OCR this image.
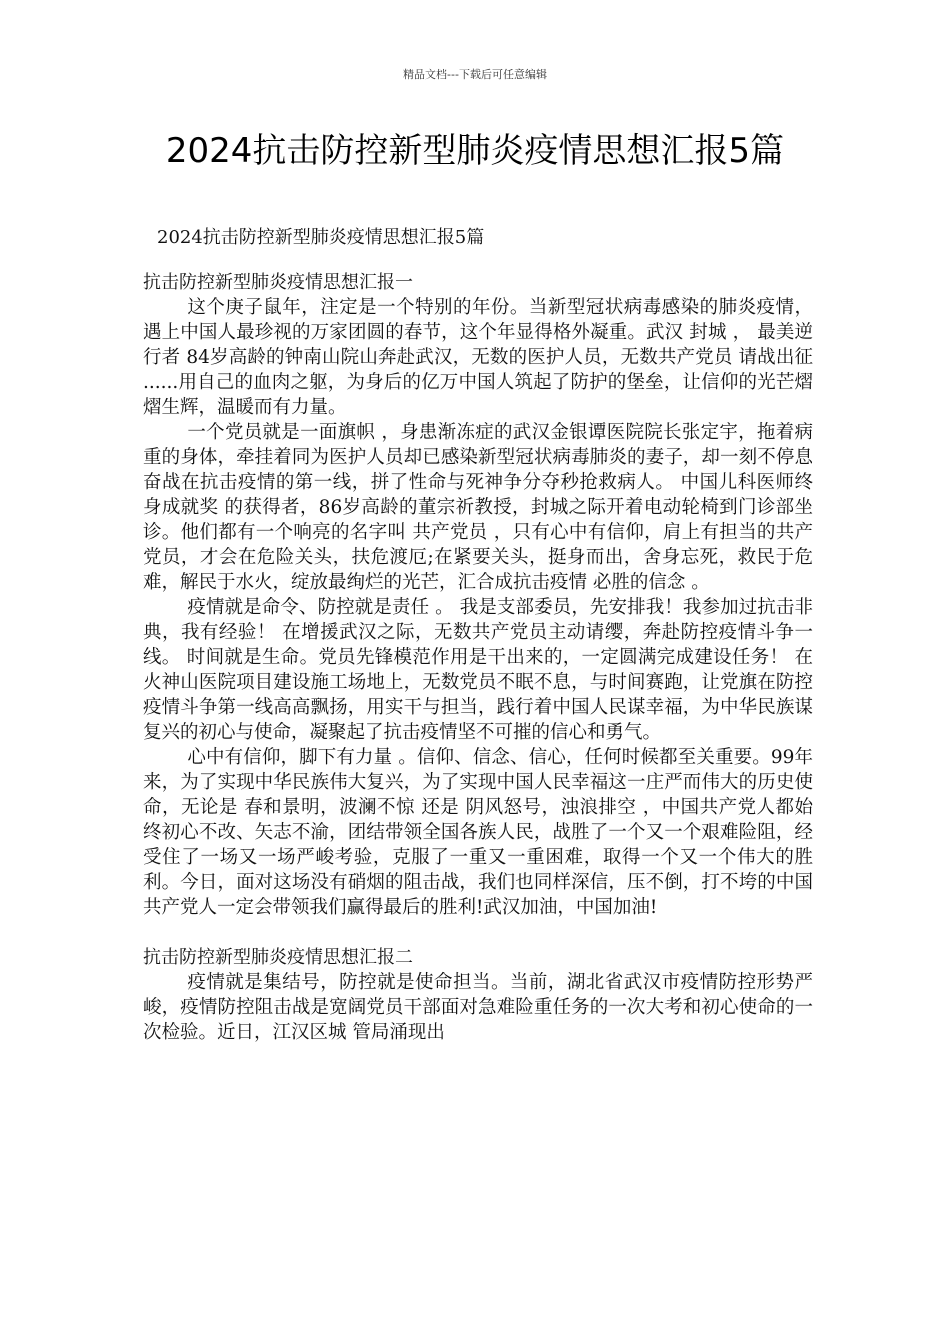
精品文档---下载后可任意编辑
2024抗击防控新型肺炎疫情思想汇报5篇
2024抗击防控新型肺炎疫情思想汇报5篇

抗击防控新型肺炎疫情思想汇报一

这个庚子鼠年，注定是一个特别的年份。当新型冠状病毒感染的肺炎疫情，遇上中国人最珍视的万家团圆的春节，这个年显得格外凝重。武汉 封城 ， 最美逆行者 84岁高龄的钟南山院山奔赴武汉，无数的医护人员，无数共产党员 请战出征 ......用自己的血肉之躯，为身后的亿万中国人筑起了防护的堡垒，让信仰的光芒熠熠生辉，温暖而有力量。

一个党员就是一面旗帜 ，身患渐冻症的武汉金银谭医院院长张定宇，拖着病重的身体，牵挂着同为医护人员却已感染新型冠状病毒肺炎的妻子，却一刻不停息奋战在抗击疫情的第一线，拼了性命与死神争分夺秒抢救病人。 中国儿科医师终身成就奖 的获得者，86岁高龄的董宗祈教授，封城之际开着电动轮椅到门诊部坐诊。他们都有一个响亮的名字叫 共产党员 ，只有心中有信仰，肩上有担当的共产党员，才会在危险关头，扶危渡厄;在紧要关头，挺身而出，舍身忘死，救民于危难，解民于水火，绽放最绚烂的光芒，汇合成抗击疫情 必胜的信念 。

疫情就是命令、防控就是责任 。 我是支部委员，先安排我！我参加过抗击非典，我有经验！ 在增援武汉之际，无数共产党员主动请缨，奔赴防控疫情斗争一线。 时间就是生命。党员先锋模范作用是干出来的，一定圆满完成建设任务！ 在火神山医院项目建设施工场地上，无数党员不眠不息，与时间赛跑，让党旗在防控疫情斗争第一线高高飘扬，用实干与担当，践行着中国人民谋幸福，为中华民族谋复兴的初心与使命，凝聚起了抗击疫情坚不可摧的信心和勇气。

心中有信仰，脚下有力量 。信仰、信念、信心，任何时候都至关重要。99年来，为了实现中华民族伟大复兴，为了实现中国人民幸福这一庄严而伟大的历史使命，无论是 春和景明，波澜不惊 还是 阴风怒号，浊浪排空 ，中国共产党人都始终初心不改、矢志不渝，团结带领全国各族人民，战胜了一个又一个艰难险阻，经受住了一场又一场严峻考验，克服了一重又一重困难，取得一个又一个伟大的胜利。今日，面对这场没有硝烟的阻击战，我们也同样深信，压不倒，打不垮的中国共产党人一定会带领我们赢得最后的胜利!武汉加油，中国加油!

抗击防控新型肺炎疫情思想汇报二

疫情就是集结号，防控就是使命担当。当前，湖北省武汉市疫情防控形势严峻，疫情防控阻击战是宽阔党员干部面对急难险重任务的一次大考和初心使命的一次检验。近日，江汉区城 管局涌现出
